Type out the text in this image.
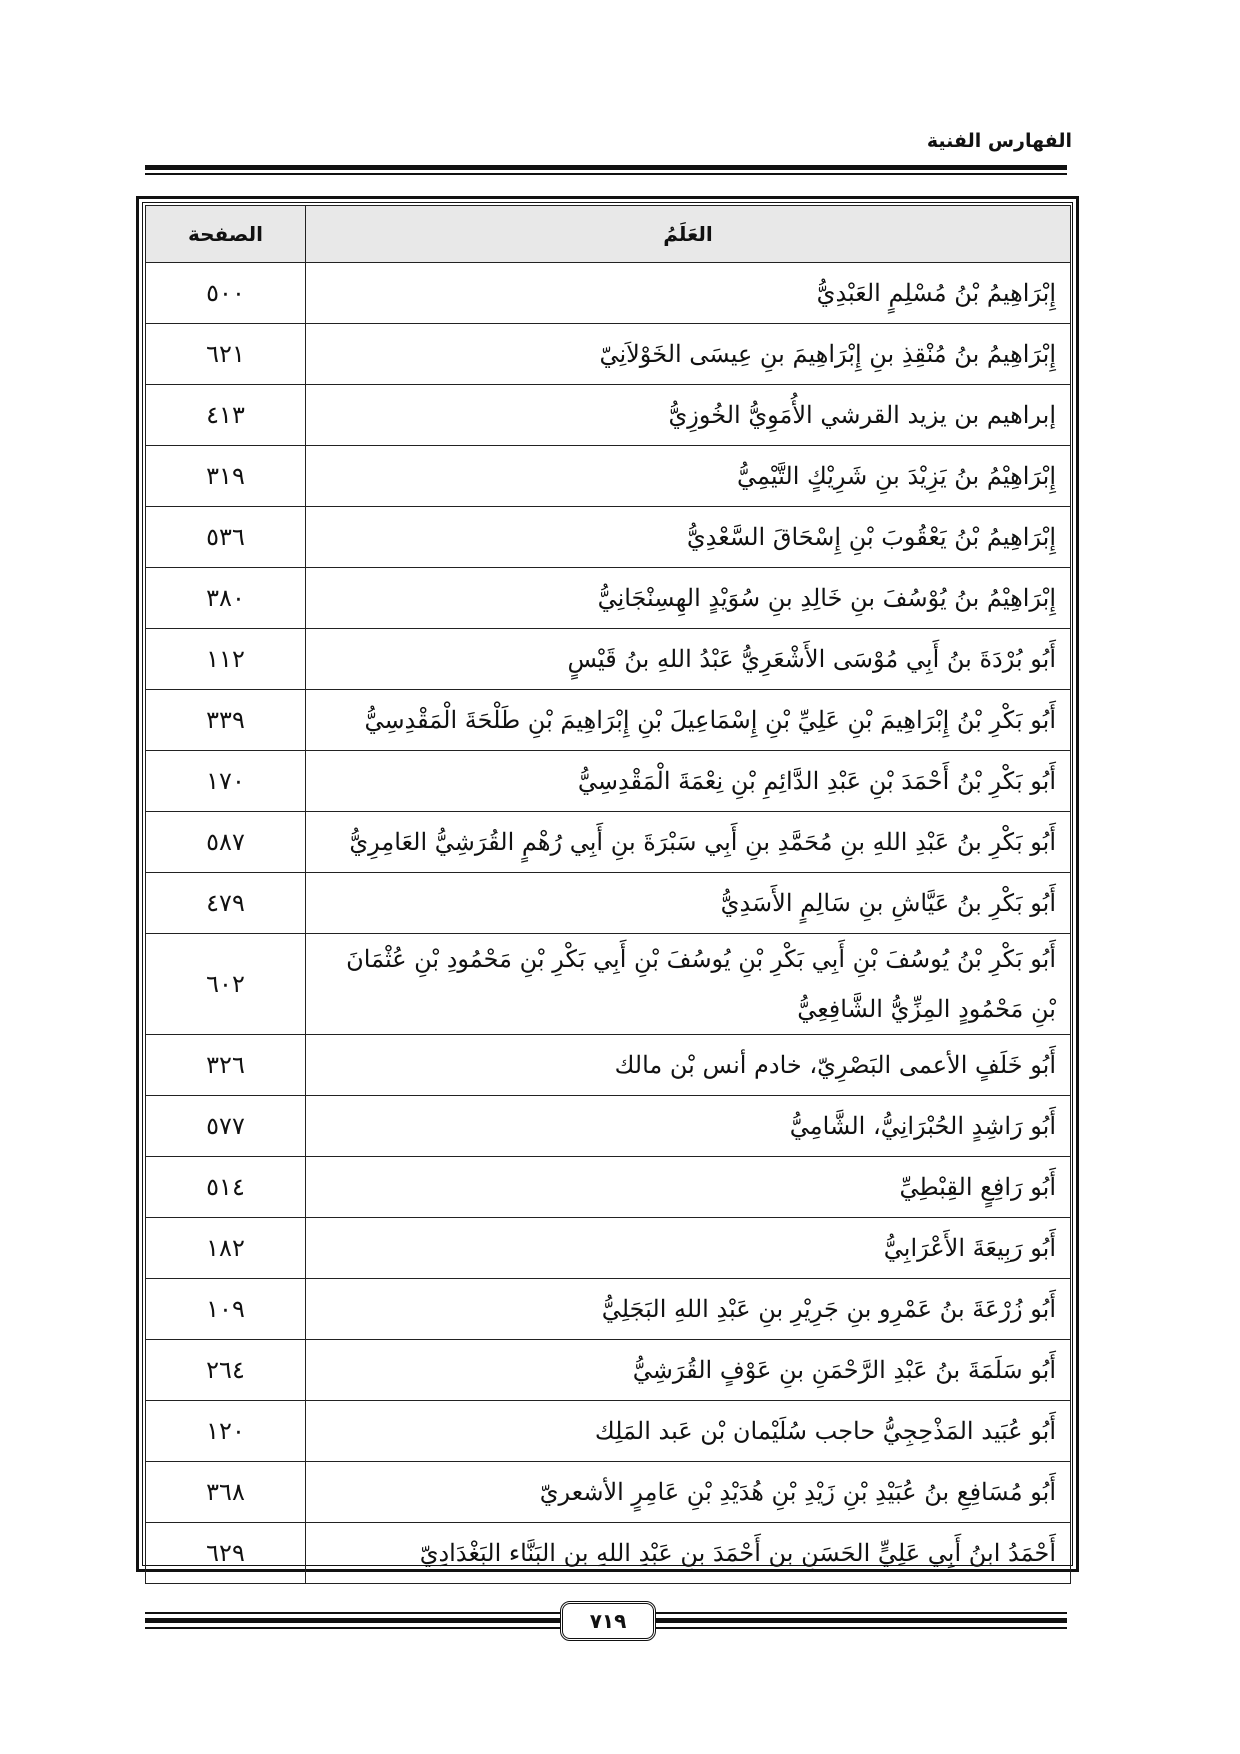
الفهارس الفنية
العَلَمُ	الصفحة
إِبْرَاهِيمُ بْنُ مُسْلِمٍ العَبْدِيُّ	٥٠٠
إِبْرَاهِيمُ بنُ مُنْقِذِ بنِ إِبْرَاهِيمَ بنِ عِيسَى الخَوْلاَنِيّ	٦٢١
إبراهيم بن يزيد القرشي الأُمَوِيُّ الخُوزِيُّ	٤١٣
إِبْرَاهِيْمُ بنُ يَزِيْدَ بنِ شَرِيْكٍ التَّيْمِيُّ	٣١٩
إِبْرَاهِيمُ بْنُ يَعْقُوبَ بْنِ إِسْحَاقَ السَّعْدِيُّ	٥٣٦
إِبْرَاهِيْمُ بنُ يُوْسُفَ بنِ خَالِدِ بنِ سُوَيْدٍ الهِسِنْجَانِيُّ	٣٨٠
أَبُو بُرْدَةَ بنُ أَبِي مُوْسَى الأَشْعَرِيُّ عَبْدُ اللهِ بنُ قَيْسٍ	١١٢
أَبُو بَكْرِ بْنُ إِبْرَاهِيمَ بْنِ عَلِيِّ بْنِ إِسْمَاعِيلَ بْنِ إِبْرَاهِيمَ بْنِ طَلْحَةَ الْمَقْدِسِيُّ	٣٣٩
أَبُو بَكْرِ بْنُ أَحْمَدَ بْنِ عَبْدِ الدَّائِمِ بْنِ نِعْمَةَ الْمَقْدِسِيُّ	١٧٠
أَبُو بَكْرِ بنُ عَبْدِ اللهِ بنِ مُحَمَّدِ بنِ أَبِي سَبْرَةَ بنِ أَبِي رُهْمٍ القُرَشِيُّ العَامِرِيُّ	٥٨٧
أَبُو بَكْرِ بنُ عَيَّاشِ بنِ سَالِمٍ الأَسَدِيُّ	٤٧٩
أَبُو بَكْرِ بْنُ يُوسُفَ بْنِ أَبِي بَكْرِ بْنِ يُوسُفَ بْنِ أَبِي بَكْرِ بْنِ مَحْمُودِ بْنِ عُثْمَانَ بْنِ مَحْمُودٍ المِزِّيُّ الشَّافِعِيُّ	٦٠٢
أَبُو خَلَفٍ الأعمى البَصْرِيّ، خادم أنس بْن مالك	٣٢٦
أَبُو رَاشِدٍ الحُبْرَانِيُّ، الشَّامِيُّ	٥٧٧
أَبُو رَافِعٍ القِبْطِيِّ	٥١٤
أَبُو رَبِيعَةَ الأَعْرَابِيُّ	١٨٢
أَبُو زُرْعَةَ بنُ عَمْرِو بنِ جَرِيْرِ بنِ عَبْدِ اللهِ البَجَلِيُّ	١٠٩
أَبُو سَلَمَةَ بنُ عَبْدِ الرَّحْمَنِ بنِ عَوْفٍ القُرَشِيُّ	٢٦٤
أَبُو عُبَيد المَذْحِجِيُّ حاجب سُلَيْمان بْن عَبد المَلِك	١٢٠
أَبُو مُسَافِعِ بنُ عُبَيْدِ بْنِ زَيْدِ بْنِ هُدَيْدِ بْنِ عَامِرٍ الأشعريّ	٣٦٨
أَحْمَدُ ابنُ أَبِي عَلِيٍّ الحَسَنِ بن أَحْمَدَ بنِ عَبْدِ اللهِ بن البَنَّاء البَغْدَادِيّ	٦٢٩
٧١٩
